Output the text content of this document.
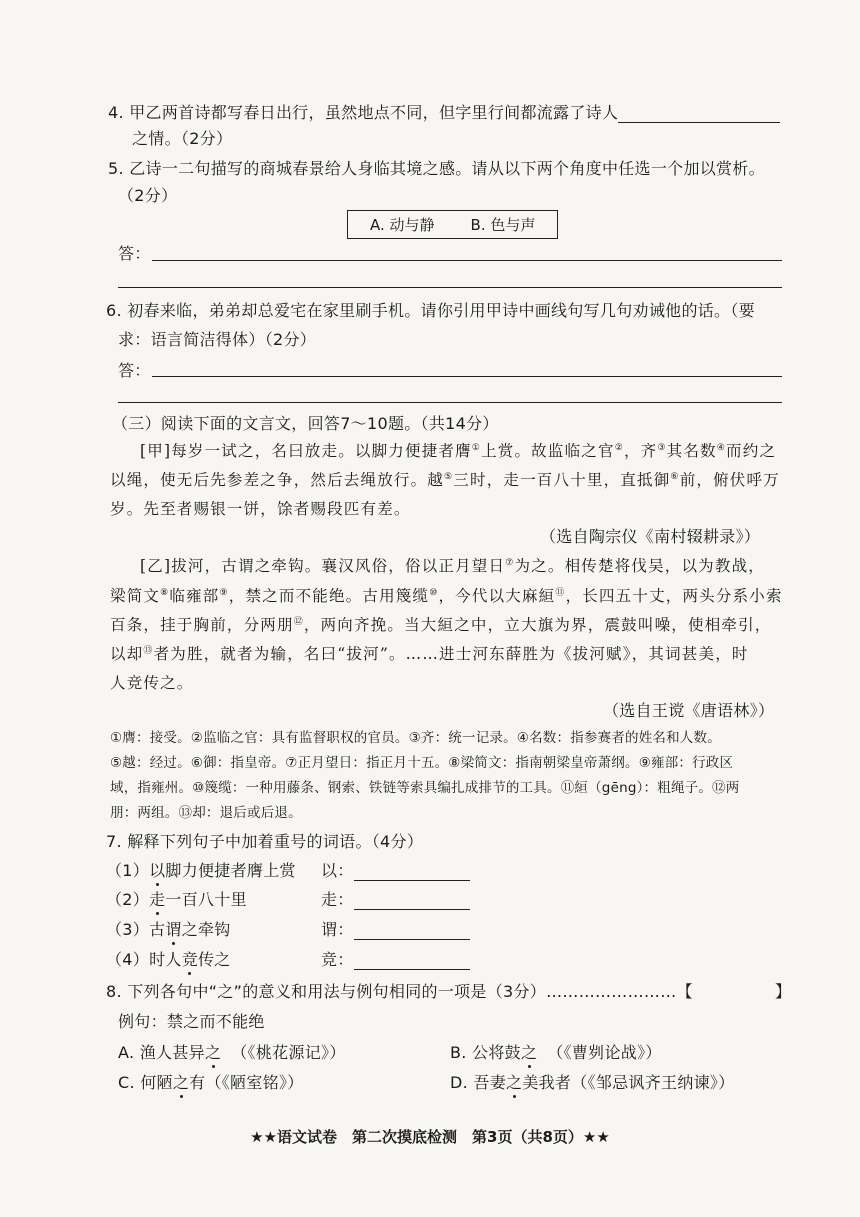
4. 甲乙两首诗都写春日出行，虽然地点不同，但字里行间都流露了诗人
之情。（2分）
5. 乙诗一二句描写的商城春景给人身临其境之感。请从以下两个角度中任选一个加以赏析。
（2分）
A. 动与静 B. 色与声
答：
6. 初春来临，弟弟却总爱宅在家里刷手机。请你引用甲诗中画线句写几句劝诫他的话。（要
求：语言简洁得体）（2分）
答：
（三）阅读下面的文言文，回答7～10题。（共14分）
[甲]每岁一试之，名曰放走。以脚力便捷者膺①上赏。故监临之官②，齐③其名数④而约之
以绳，使无后先参差之争，然后去绳放行。越⑤三时，走一百八十里，直抵御⑥前，俯伏呼万
岁。先至者赐银一饼，馀者赐段匹有差。
（选自陶宗仪《南村辍耕录》）
[乙]拔河，古谓之牵钩。襄汉风俗，俗以正月望日⑦为之。相传楚将伐吴，以为教战，
梁简文⑧临雍部⑨，禁之而不能绝。古用篾缆⑩，今代以大麻絙⑪，长四五十丈，两头分系小索
百条，挂于胸前，分两朋⑫，两向齐挽。当大絙之中，立大旗为界，震鼓叫噪，使相牵引，
以却⑬者为胜，就者为输，名曰“拔河”。……进士河东薛胜为《拔河赋》，其词甚美，时
人竞传之。
（选自王谠《唐语林》）
①膺：接受。②监临之官：具有监督职权的官员。③齐：统一记录。④名数：指参赛者的姓名和人数。
⑤越：经过。⑥御：指皇帝。⑦正月望日：指正月十五。⑧梁简文：指南朝梁皇帝萧纲。⑨雍部：行政区
域，指雍州。⑩篾缆：一种用藤条、钢索、铁链等索具编扎成排节的工具。⑪絙（gēng）：粗绳子。⑫两
朋：两组。⑬却：退后或后退。
7. 解释下列句子中加着重号的词语。（4分）
（1）以脚力便捷者膺上赏 以：
（2）走一百八十里	走：
（3）古谓之牵钩	谓：
（4）时人竞传之	竞：
8. 下列各句中“之”的意义和用法与例句相同的一项是（3分）……………………【	】
例句：禁之而不能绝
A. 渔人甚异之 （《桃花源记》）	B. 公将鼓之 （《曹刿论战》）
C. 何陋之有（《陋室铭》）	D. 吾妻之美我者（《邹忌讽齐王纳谏》）
★★语文试卷　第二次摸底检测　第3页（共8页）★★
